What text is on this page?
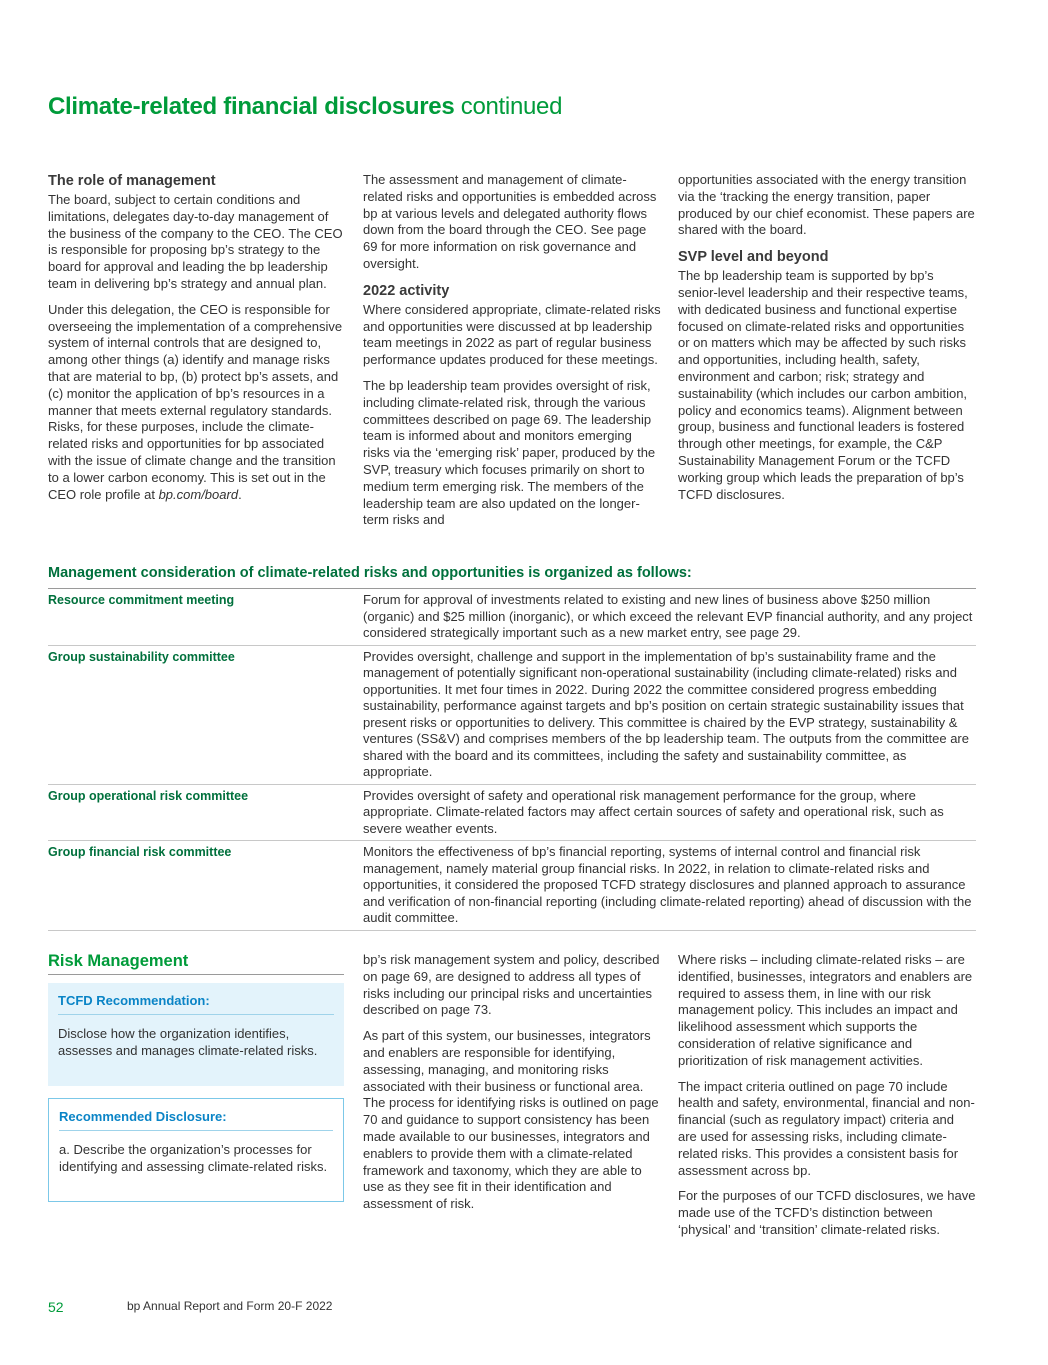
Climate-related financial disclosures continued
The role of management

The board, subject to certain conditions and limitations, delegates day-to-day management of the business of the company to the CEO. The CEO is responsible for proposing bp’s strategy to the board for approval and leading the bp leadership team in delivering bp’s strategy and annual plan.

Under this delegation, the CEO is responsible for overseeing the implementation of a comprehensive system of internal controls that are designed to, among other things (a) identify and manage risks that are material to bp, (b) protect bp’s assets, and (c) monitor the application of bp’s resources in a manner that meets external regulatory standards. Risks, for these purposes, include the climate-related risks and opportunities for bp associated with the issue of climate change and the transition to a lower carbon economy. This is set out in the CEO role profile at bp.com/board.

The assessment and management of climate-related risks and opportunities is embedded across bp at various levels and delegated authority flows down from the board through the CEO. See page 69 for more information on risk governance and oversight.

2022 activity

Where considered appropriate, climate-related risks and opportunities were discussed at bp leadership team meetings in 2022 as part of regular business performance updates produced for these meetings.

The bp leadership team provides oversight of risk, including climate-related risk, through the various committees described on page 69. The leadership team is informed about and monitors emerging risks via the ‘emerging risk’ paper, produced by the SVP, treasury which focuses primarily on short to medium term emerging risk. The members of the leadership team are also updated on the longer-term risks and

opportunities associated with the energy transition via the ‘tracking the energy transition, paper produced by our chief economist. These papers are shared with the board.

SVP level and beyond

The bp leadership team is supported by bp’s senior-level leadership and their respective teams, with dedicated business and functional expertise focused on climate-related risks and opportunities or on matters which may be affected by such risks and opportunities, including health, safety, environment and carbon; risk; strategy and sustainability (which includes our carbon ambition, policy and economics teams). Alignment between group, business and functional leaders is fostered through other meetings, for example, the C&P Sustainability Management Forum or the TCFD working group which leads the preparation of bp’s TCFD disclosures.

Management consideration of climate-related risks and opportunities is organized as follows:
Resource commitment meeting	Forum for approval of investments related to existing and new lines of business above $250 million (organic) and $25 million (inorganic), or which exceed the relevant EVP financial authority, and any project considered strategically important such as a new market entry, see page 29.
Group sustainability committee	Provides oversight, challenge and support in the implementation of bp’s sustainability frame and the management of potentially significant non-operational sustainability (including climate-related) risks and opportunities. It met four times in 2022. During 2022 the committee considered progress embedding sustainability, performance against targets and bp’s position on certain strategic sustainability issues that present risks or opportunities to delivery. This committee is chaired by the EVP strategy, sustainability & ventures (SS&V) and comprises members of the bp leadership team. The outputs from the committee are shared with the board and its committees, including the safety and sustainability committee, as appropriate.
Group operational risk committee	Provides oversight of safety and operational risk management performance for the group, where appropriate. Climate-related factors may affect certain sources of safety and operational risk, such as severe weather events.
Group financial risk committee	Monitors the effectiveness of bp’s financial reporting, systems of internal control and financial risk management, namely material group financial risks. In 2022, in relation to climate-related risks and opportunities, it considered the proposed TCFD strategy disclosures and planned approach to assurance and verification of non-financial reporting (including climate-related reporting) ahead of discussion with the audit committee.
Risk Management
TCFD Recommendation:
Disclose how the organization identifies, assesses and manages climate-related risks.
Recommended Disclosure:
a. Describe the organization’s processes for identifying and assessing climate-related risks.

bp’s risk management system and policy, described on page 69, are designed to address all types of risks including our principal risks and uncertainties described on page 73.

As part of this system, our businesses, integrators and enablers are responsible for identifying, assessing, managing, and monitoring risks associated with their business or functional area. The process for identifying risks is outlined on page 70 and guidance to support consistency has been made available to our businesses, integrators and enablers to provide them with a climate-related framework and taxonomy, which they are able to use as they see fit in their identification and assessment of risk.

Where risks – including climate-related risks – are identified, businesses, integrators and enablers are required to assess them, in line with our risk management policy. This includes an impact and likelihood assessment which supports the consideration of relative significance and prioritization of risk management activities.

The impact criteria outlined on page 70 include health and safety, environmental, financial and non-financial (such as regulatory impact) criteria and are used for assessing risks, including climate-related risks. This provides a consistent basis for assessment across bp.

For the purposes of our TCFD disclosures, we have made use of the TCFD’s distinction between ‘physical’ and ‘transition’ climate-related risks.

52	bp Annual Report and Form 20-F 2022
